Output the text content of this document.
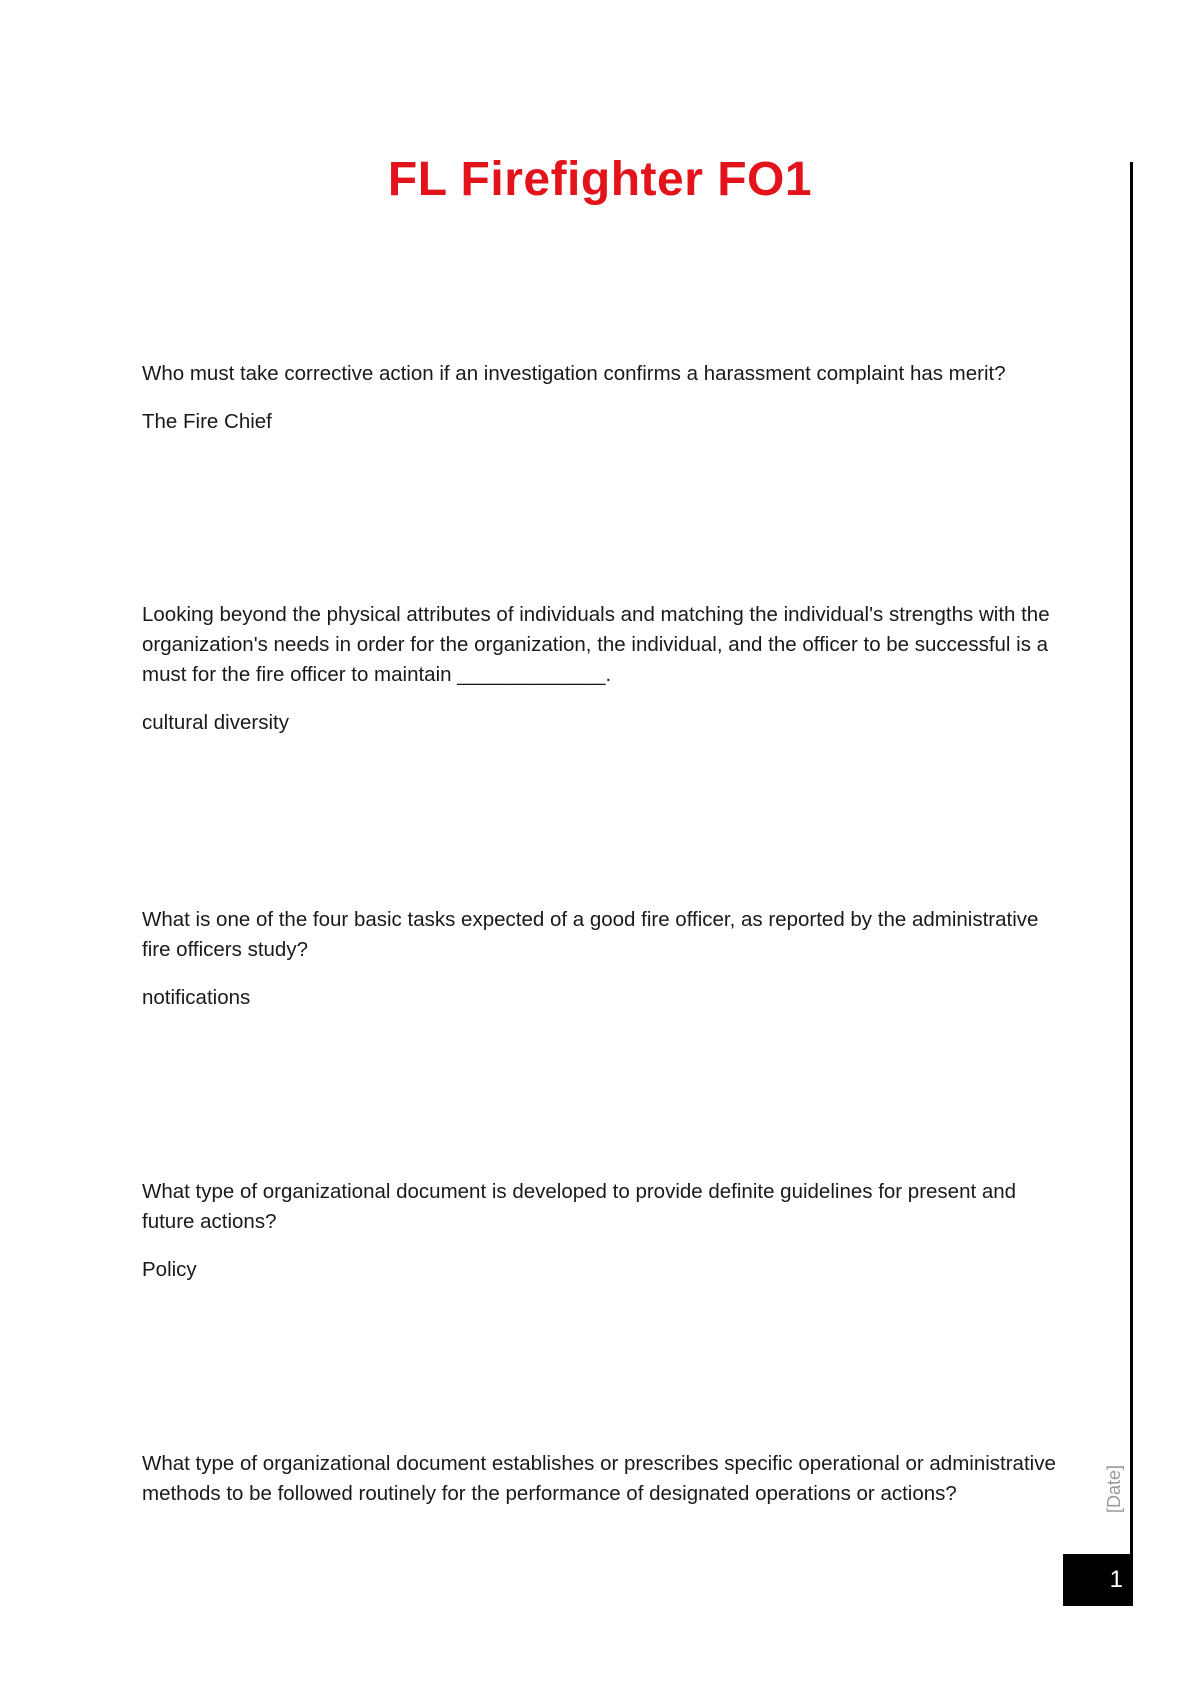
FL Firefighter FO1

Who must take corrective action if an investigation confirms a harassment complaint has merit?

The Fire Chief

Looking beyond the physical attributes of individuals and matching the individual's strengths with the organization's needs in order for the organization, the individual, and the officer to be successful is a must for the fire officer to maintain _____________.

cultural diversity

What is one of the four basic tasks expected of a good fire officer, as reported by the administrative fire officers study?

notifications

What type of organizational document is developed to provide definite guidelines for present and future actions?

Policy

What type of organizational document establishes or prescribes specific operational or administrative methods to be followed routinely for the performance of designated operations or actions?	[Date]
1
